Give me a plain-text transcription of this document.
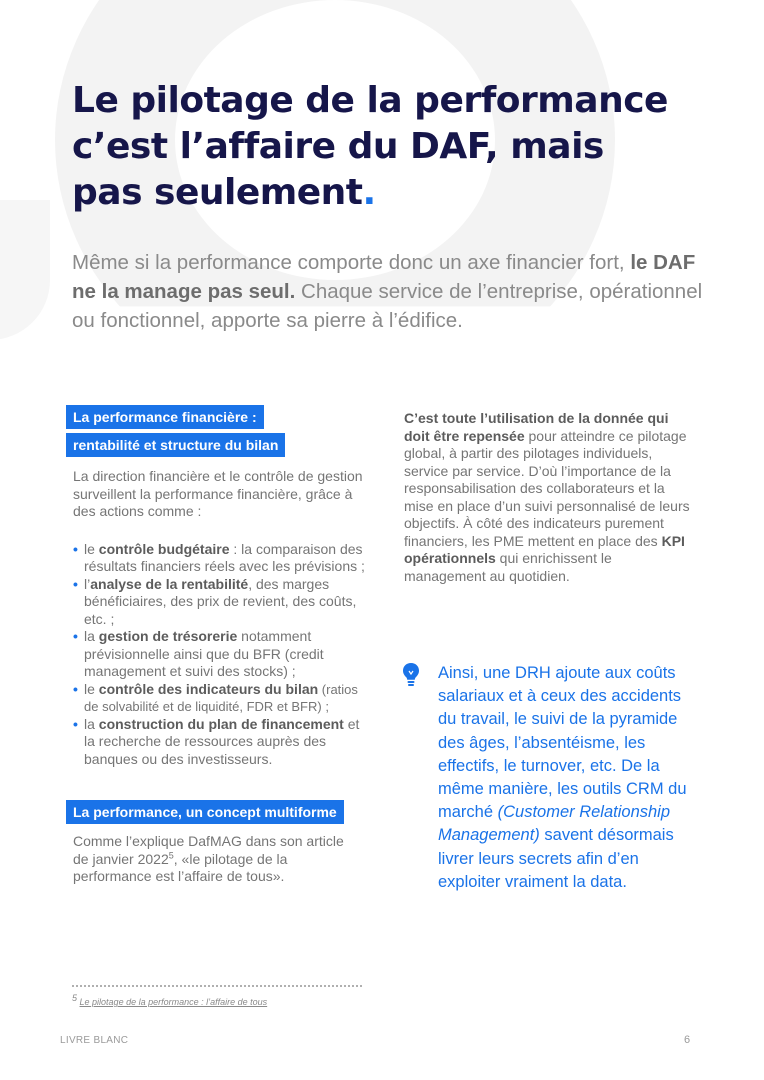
Le pilotage de la performance
c’est l’affaire du DAF, mais
pas seulement.

Même si la performance comporte donc un axe financier fort, le DAF ne la manage pas seul. Chaque service de l’entreprise, opérationnel ou fonctionnel, apporte sa pierre à l’édifice.

La performance financière :

rentabilité et structure du bilan

La direction financière et le contrôle de gestion surveillent la performance financière, grâce à des actions comme :

• le contrôle budgétaire : la comparaison des résultats financiers réels avec les prévisions ;
• l’analyse de la rentabilité, des marges bénéficiaires, des prix de revient, des coûts, etc. ;
• la gestion de trésorerie notamment prévisionnelle ainsi que du BFR (credit management et suivi des stocks) ;
• le contrôle des indicateurs du bilan (ratios de solvabilité et de liquidité, FDR et BFR) ;
• la construction du plan de financement et la recherche de ressources auprès des banques ou des investisseurs.

La performance, un concept multiforme

Comme l’explique DafMAG dans son article de janvier 2022$^5$, «le pilotage de la performance est l’affaire de tous».

C’est toute l’utilisation de la donnée qui doit être repensée pour atteindre ce pilotage global, à partir des pilotages individuels, service par service. D’où l’importance de la responsabilisation des collaborateurs et la mise en place d’un suivi personnalisé de leurs objectifs. À côté des indicateurs purement financiers, les PME mettent en place des KPI opérationnels qui enrichissent le management au quotidien.

Ainsi, une DRH ajoute aux coûts salariaux et à ceux des accidents du travail, le suivi de la pyramide des âges, l’absentéisme, les effectifs, le turnover, etc. De la même manière, les outils CRM du marché (Customer Relationship Management) savent désormais livrer leurs secrets afin d’en exploiter vraiment la data.

$^5$ Le pilotage de la performance : l’affaire de tous

LIVRE BLANC	6
